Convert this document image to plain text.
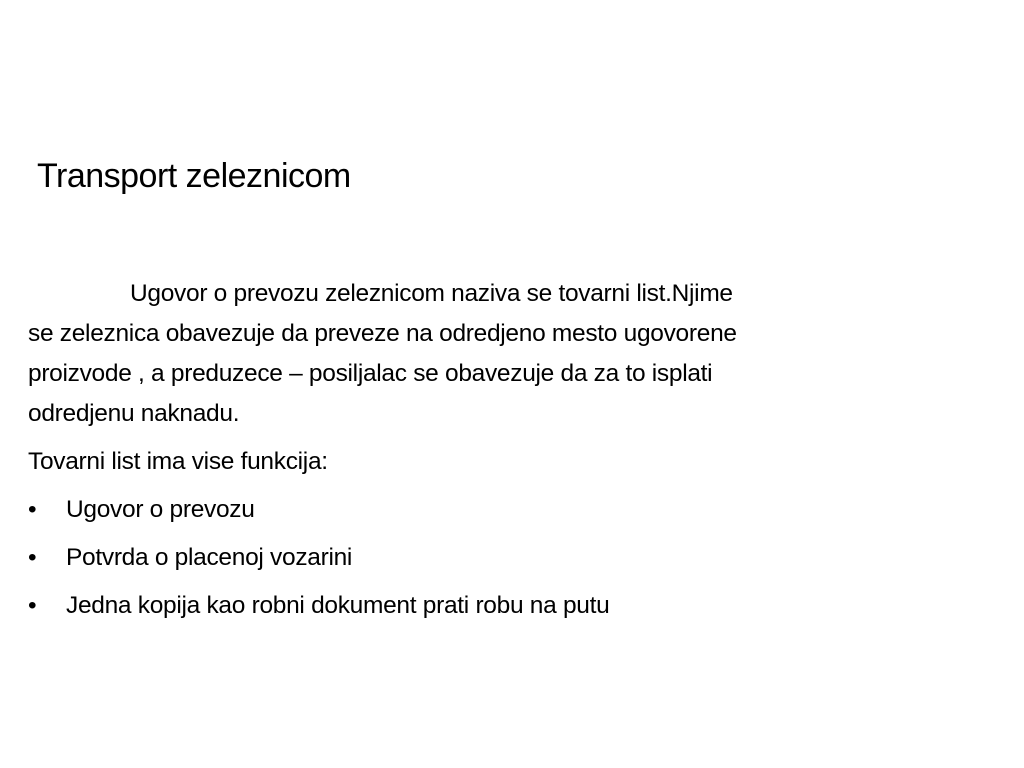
Transport zeleznicom

Ugovor o prevozu zeleznicom naziva se tovarni list.Njime se zeleznica obavezuje da preveze na odredjeno mesto ugovorene proizvode , a preduzece – posiljalac se obavezuje da za to isplati odredjenu naknadu.

Tovarni list ima vise funkcija:

•	Ugovor o prevozu
•	Potvrda o placenoj vozarini
•	Jedna kopija kao robni dokument prati robu na putu
